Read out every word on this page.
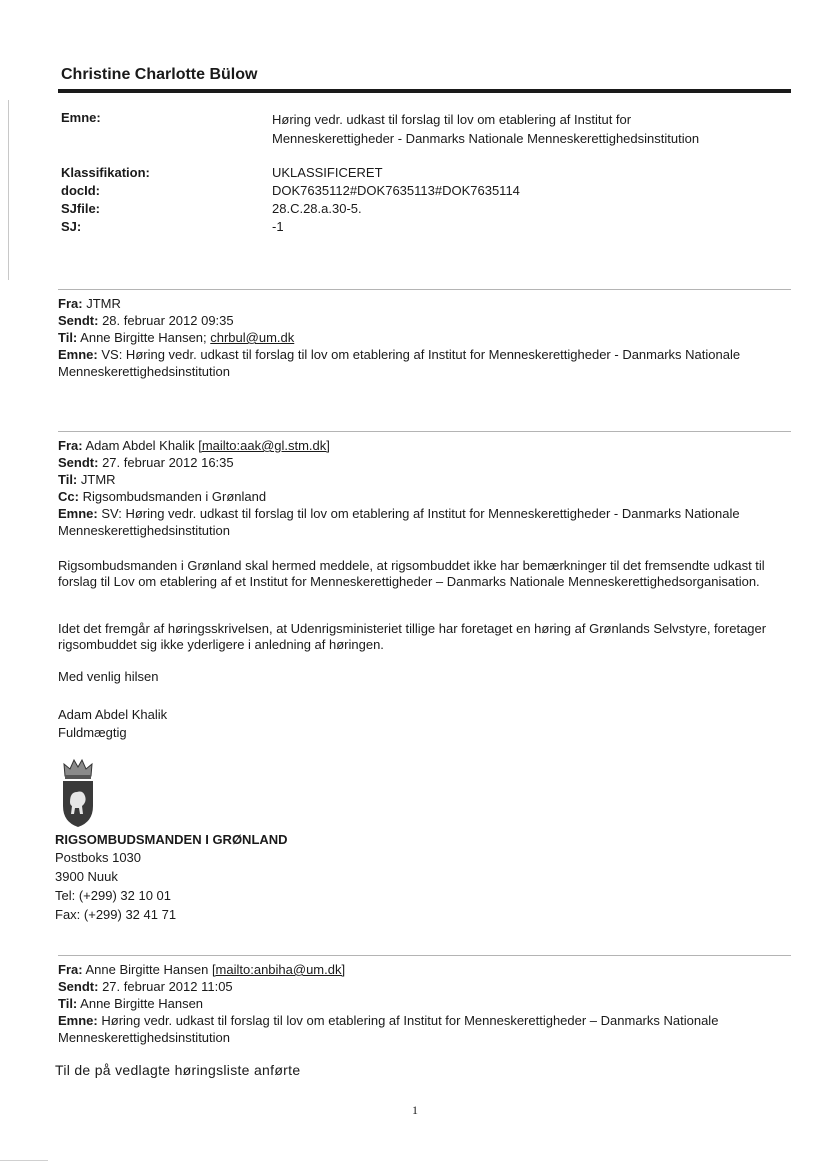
Christine Charlotte Bülow
Emne:	Høring vedr. udkast til forslag til lov om etablering af Institut for
Menneskerettigheder - Danmarks Nationale Menneskerettighedsinstitution
Klassifikation:	UKLASSIFICERET
docId:	DOK7635112#DOK7635113#DOK7635114
SJfile:	28.C.28.a.30-5.
SJ:	-1
Fra: JTMR
Sendt: 28. februar 2012 09:35
Til: Anne Birgitte Hansen; chrbul@um.dk
Emne: VS: Høring vedr. udkast til forslag til lov om etablering af Institut for Menneskerettigheder - Danmarks Nationale Menneskerettighedsinstitution
Fra: Adam Abdel Khalik [mailto:aak@gl.stm.dk]
Sendt: 27. februar 2012 16:35
Til: JTMR
Cc: Rigsombudsmanden i Grønland
Emne: SV: Høring vedr. udkast til forslag til lov om etablering af Institut for Menneskerettigheder - Danmarks Nationale Menneskerettighedsinstitution
Rigsombudsmanden i Grønland skal hermed meddele, at rigsombuddet ikke har bemærkninger til det fremsendte udkast til forslag til Lov om etablering af et Institut for Menneskerettigheder – Danmarks Nationale Menneskerettighedsorganisation.
Idet det fremgår af høringsskrivelsen, at Udenrigsministeriet tillige har foretaget en høring af Grønlands Selvstyre, foretager rigsombuddet sig ikke yderligere i anledning af høringen.
Med venlig hilsen
Adam Abdel Khalik
Fuldmægtig
RIGSOMBUDSMANDEN I GRØNLAND
Postboks 1030
3900 Nuuk
Tel: (+299) 32 10 01
Fax: (+299) 32 41 71
Fra: Anne Birgitte Hansen [mailto:anbiha@um.dk]
Sendt: 27. februar 2012 11:05
Til: Anne Birgitte Hansen
Emne: Høring vedr. udkast til forslag til lov om etablering af Institut for Menneskerettigheder – Danmarks Nationale Menneskerettighedsinstitution
Til de på vedlagte høringsliste anførte
1
